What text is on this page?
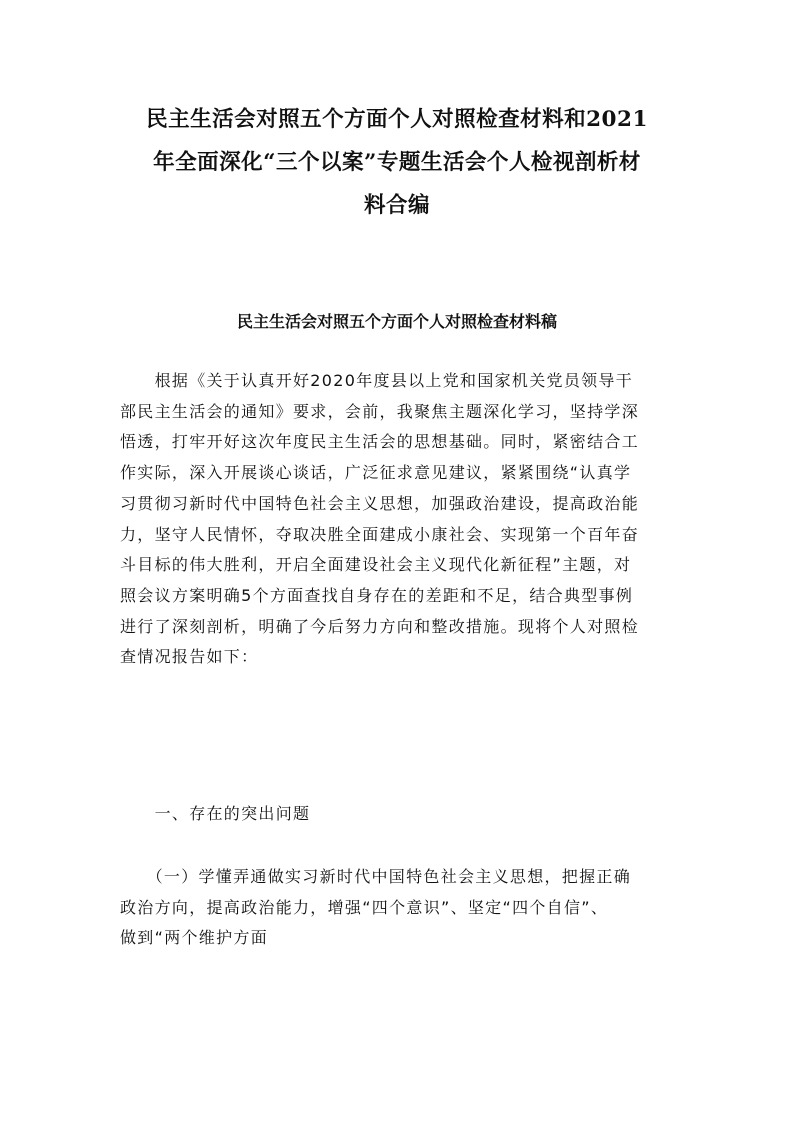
民主生活会对照五个方面个人对照检查材料和2021
年全面深化“三个以案”专题生活会个人检视剖析材
料合编
民主生活会对照五个方面个人对照检查材料稿

　　根据《关于认真开好2020年度县以上党和国家机关党员领导干
部民主生活会的通知》要求，会前，我聚焦主题深化学习，坚持学深
悟透，打牢开好这次年度民主生活会的思想基础。同时，紧密结合工
作实际，深入开展谈心谈话，广泛征求意见建议，紧紧围绕“认真学
习贯彻习新时代中国特色社会主义思想，加强政治建设，提高政治能
力，坚守人民情怀，夺取决胜全面建成小康社会、实现第一个百年奋
斗目标的伟大胜利，开启全面建设社会主义现代化新征程”主题，对
照会议方案明确5个方面查找自身存在的差距和不足，结合典型事例
进行了深刻剖析，明确了今后努力方向和整改措施。现将个人对照检
查情况报告如下：

　　一、存在的突出问题

　　（一）学懂弄通做实习新时代中国特色社会主义思想，把握正确
政治方向，提高政治能力，增强“四个意识”、坚定“四个自信”、
做到“两个维护方面
